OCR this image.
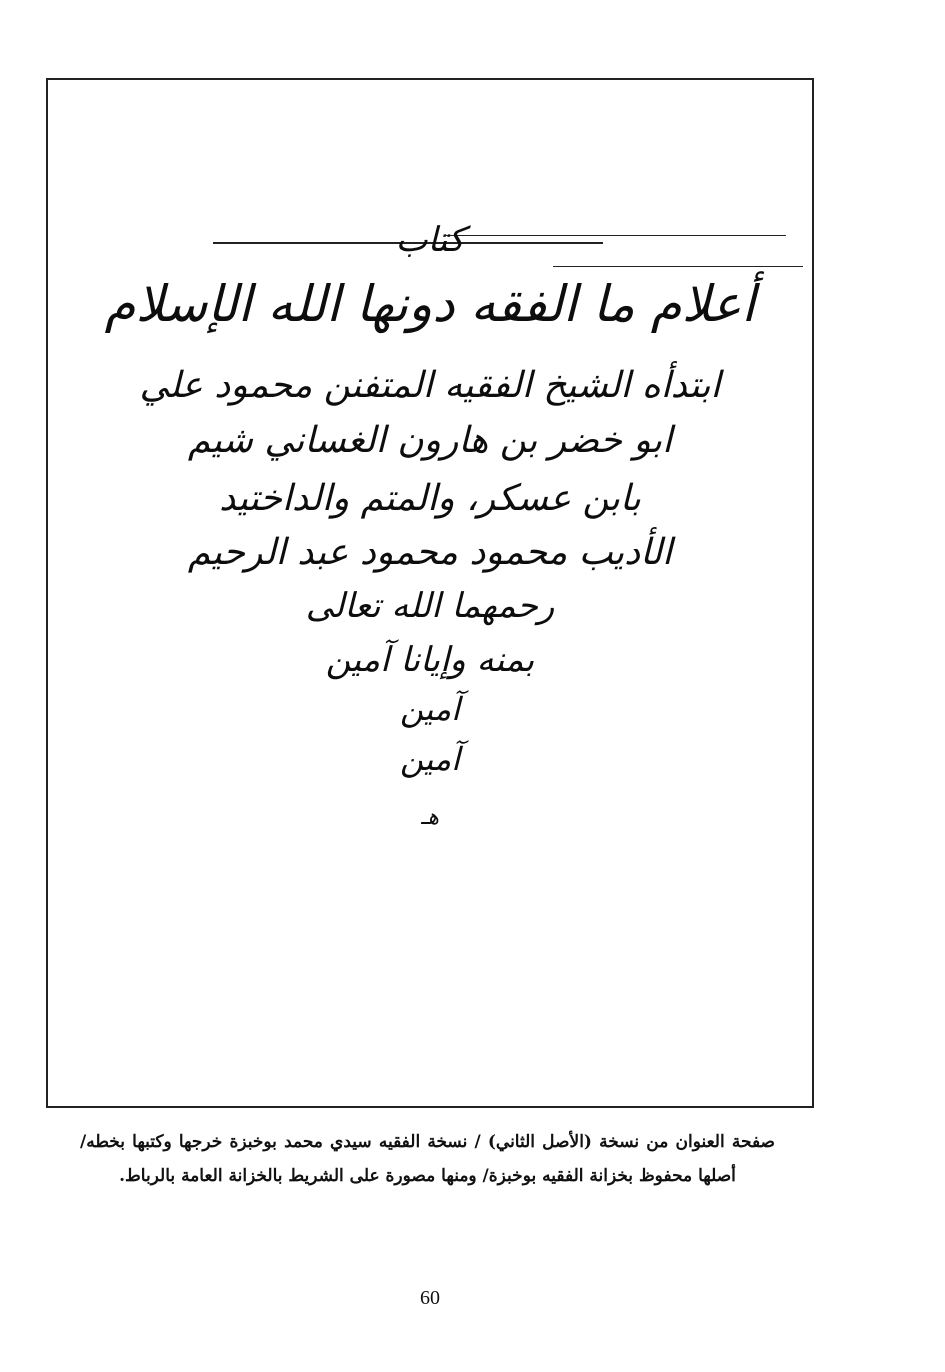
كتاب
أعلام ما الفقه دونها الله الإسلام
ابتدأه الشيخ الفقيه المتفنن محمود علي
ابو خضر بن هارون الغساني شيم
بابن عسكر، والمتم والداختيد
الأديب محمود محمود عبد الرحيم
رحمهما الله تعالى
بمنه وإيانا آمين
آمين
آمين
هـ
صفحة العنوان من نسخة (الأصل الثاني) / نسخة الفقيه سيدي محمد بوخبزة خرجها وكتبها بخطه/ أصلها محفوظ بخزانة الفقيه بوخبزة/ ومنها مصورة على الشريط بالخزانة العامة بالرباط.
60
